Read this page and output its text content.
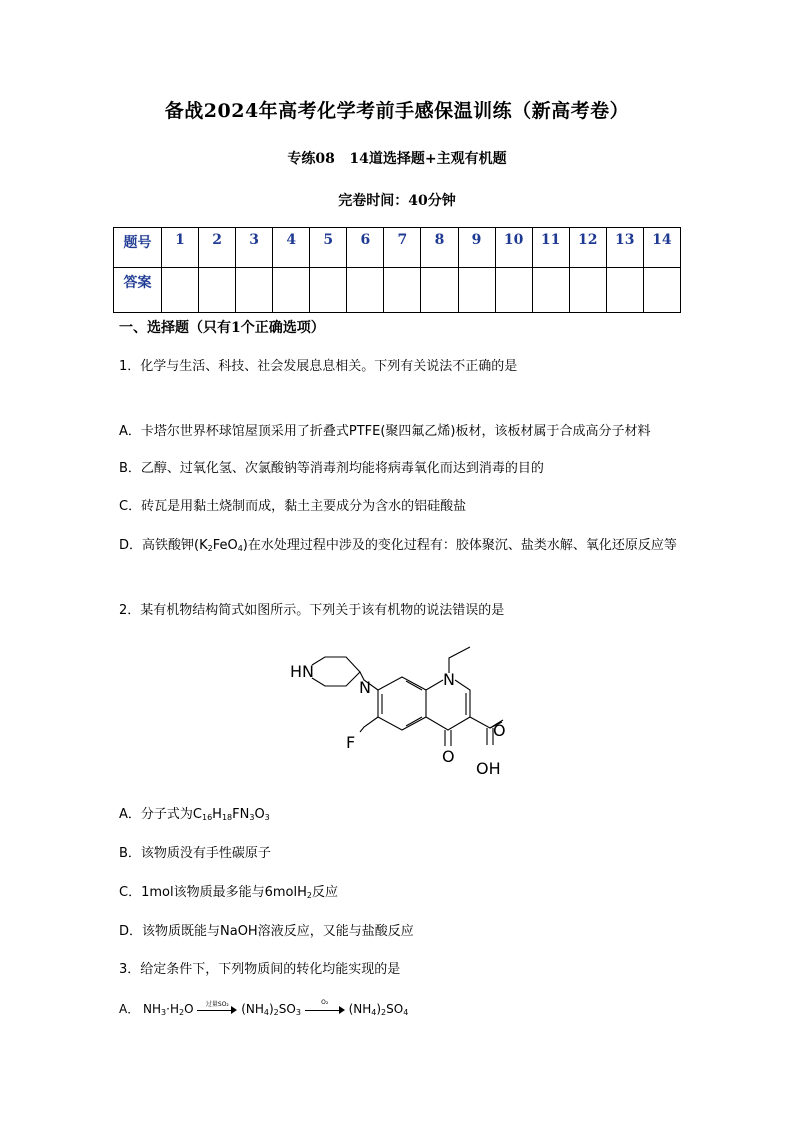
备战2024年高考化学考前手感保温训练（新高考卷）
专练08   14道选择题+主观有机题
完卷时间：40分钟
题号	1	2	3	4	5	6	7	8	9	10	11	12	13	14
答案														
一、选择题（只有1个正确选项）
1．化学与生活、科技、社会发展息息相关。下列有关说法不正确的是
A．卡塔尔世界杯球馆屋顶采用了折叠式PTFE(聚四氟乙烯)板材，该板材属于合成高分子材料
B．乙醇、过氧化氢、次氯酸钠等消毒剂均能将病毒氧化而达到消毒的目的
C．砖瓦是用黏土烧制而成，黏土主要成分为含水的铝硅酸盐
D．高铁酸钾$(K_2FeO_4)$在水处理过程中涉及的变化过程有：胶体聚沉、盐类水解、氧化还原反应等
2．某有机物结构简式如图所示。下列关于该有机物的说法错误的是
HN
N	N
F
O
O
OH
A．分子式为$C_{16}H_{18}FN_3O_3$
B．该物质没有手性碳原子
C．1mol该物质最多能与6molH$_2$反应
D．该物质既能与NaOH溶液反应，又能与盐酸反应
3．给定条件下，下列物质间的转化均能实现的是
A． $NH_3\cdot H_2O$	过量SO₂	$(NH_4)_2SO_3$
O₂	$(NH_4)_2SO_4$
